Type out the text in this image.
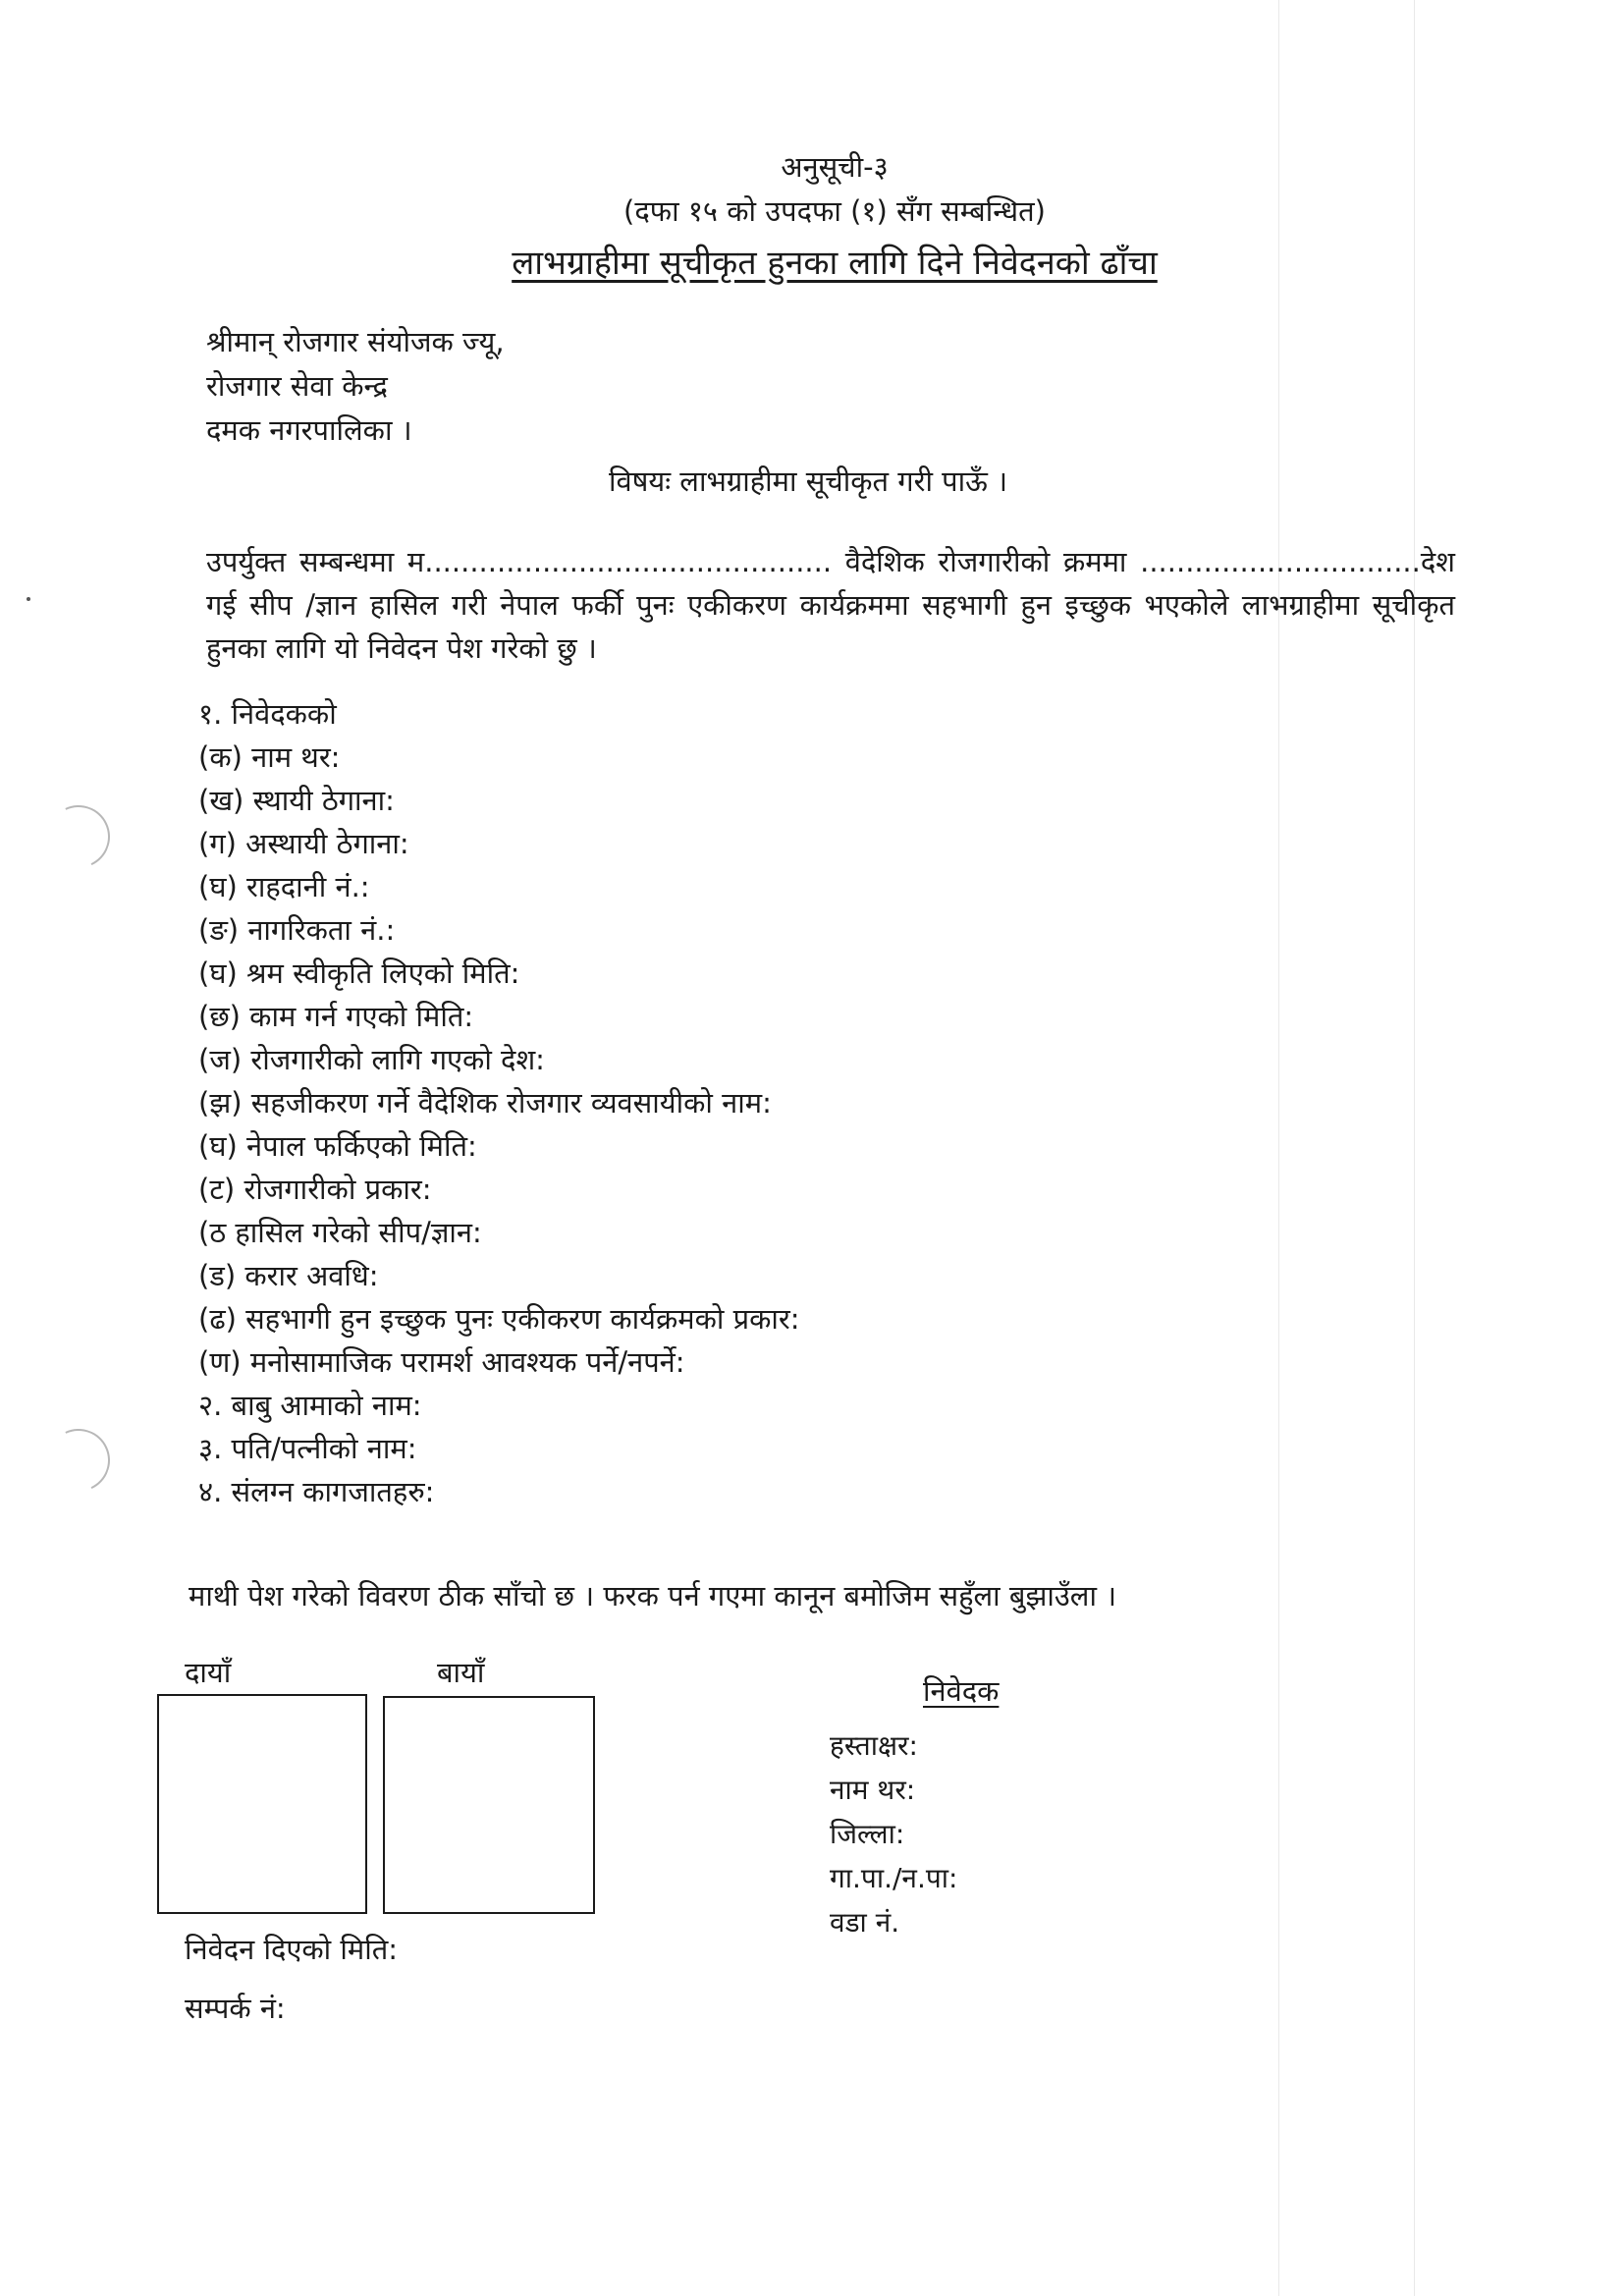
अनुसूची-३
(दफा १५ को उपदफा (१) सँग सम्बन्धित)
लाभग्राहीमा सूचीकृत हुनका लागि दिने निवेदनको ढाँचा
श्रीमान् रोजगार संयोजक ज्यू,
रोजगार सेवा केन्द्र
दमक नगरपालिका ।
विषयः लाभग्राहीमा सूचीकृत गरी पाऊँ ।
उपर्युक्त सम्बन्धमा म............................................. वैदेशिक रोजगारीको क्रममा ...............................देश गई सीप /ज्ञान हासिल गरी नेपाल फर्की पुनः एकीकरण कार्यक्रममा सहभागी हुन इच्छुक भएकोले लाभग्राहीमा सूचीकृत हुनका लागि यो निवेदन पेश गरेको छु ।
१. निवेदकको
(क) नाम थर:
(ख) स्थायी ठेगाना:
(ग) अस्थायी ठेगाना:
(घ) राहदानी नं.:
(ङ) नागरिकता नं.:
(घ) श्रम स्वीकृति लिएको मिति:
(छ) काम गर्न गएको मिति:
(ज) रोजगारीको लागि गएको देश:
(झ) सहजीकरण गर्ने वैदेशिक रोजगार व्यवसायीको नाम:
(घ) नेपाल फर्किएको मिति:
(ट) रोजगारीको प्रकार:
(ठ हासिल गरेको सीप/ज्ञान:
(ड) करार अवधि:
(ढ) सहभागी हुन इच्छुक पुनः एकीकरण कार्यक्रमको प्रकार:
(ण) मनोसामाजिक परामर्श आवश्यक पर्ने/नपर्ने:
२. बाबु आमाको नाम:
३. पति/पत्नीको नाम:
४. संलग्न कागजातहरु:
माथी पेश गरेको विवरण ठीक साँचो छ । फरक पर्न गएमा कानून बमोजिम सहुँला बुझाउँला ।
दायाँ	बायाँ
निवेदक
हस्ताक्षर:
नाम थर:
जिल्ला:
गा.पा./न.पा:
वडा नं.
निवेदन दिएको मिति:
सम्पर्क नं:
